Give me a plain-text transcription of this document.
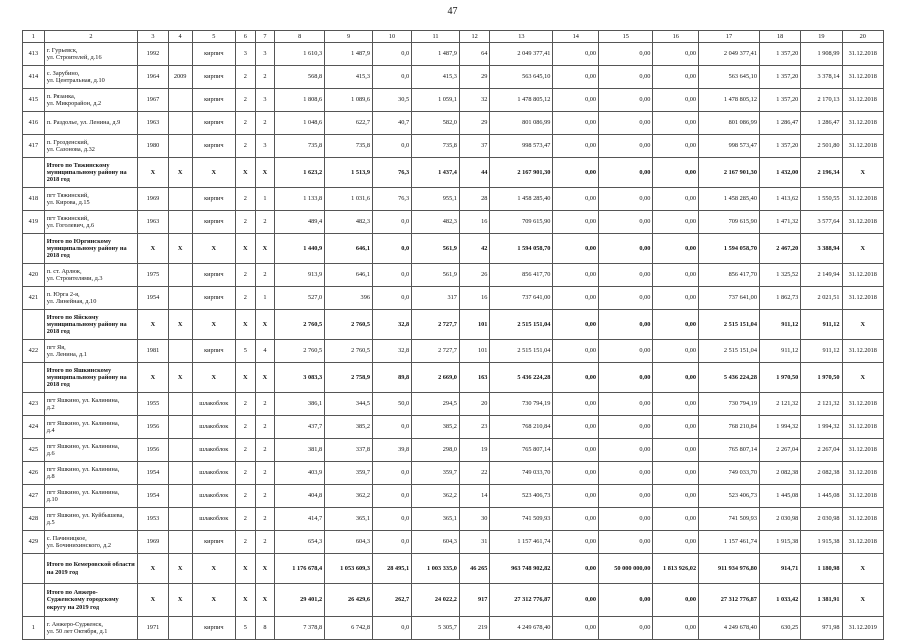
47
1	2	3	4	5	6	7	8	9	10	11	12	13	14	15	16	17	18	19	20
413	г. Гурьевск,
ул. Строителей, д.16	1992		кирпич	3	3	1 610,3	1 487,9	0,0	1 487,9	64	2 049 377,41	0,00	0,00	0,00	2 049 377,41	1 357,20	1 908,99	31.12.2018
414	с. Зарубино,
ул. Центральная, д.10	1964	2009	кирпич	2	2	568,8	415,3	0,0	415,3	29	563 645,10	0,00	0,00	0,00	563 645,10	1 357,20	3 378,14	31.12.2018
415	п. Рязанка,
ул. Микрорайон, д.2	1967		кирпич	2	3	1 808,6	1 089,6	30,5	1 059,1	32	1 478 805,12	0,00	0,00	0,00	1 478 805,12	1 357,20	2 170,13	31.12.2018
416	п. Раздолье, ул. Ленина, д.9	1963		кирпич	2	2	1 048,6	622,7	40,7	582,0	29	801 086,99	0,00	0,00	0,00	801 086,99	1 286,47	1 286,47	31.12.2018
417	п. Грозденский,
ул. Сазонова, д.32	1980		кирпич	2	3	735,8	735,8	0,0	735,8	37	998 573,47	0,00	0,00	0,00	998 573,47	1 357,20	2 501,80	31.12.2018
	Итого по Тяжинскому муниципальному району на 2018 год	X	X	X	X	X	1 623,2	1 513,9	76,3	1 437,4	44	2 167 901,30	0,00	0,00	0,00	2 167 901,30	1 432,00	2 196,34	X
418	пгт Тяжинский,
ул. Кирова, д.15	1969		кирпич	2	1	1 133,8	1 031,6	76,3	955,1	28	1 458 285,40	0,00	0,00	0,00	1 458 285,40	1 413,62	1 550,55	31.12.2018
419	пгт Тяжинский,
ул. Гоголевич, д.6	1963		кирпич	2	2	489,4	482,3	0,0	482,3	16	709 615,90	0,00	0,00	0,00	709 615,90	1 471,32	3 577,64	31.12.2018
	Итого по Юргинскому муниципальному району на 2018 год	X	X	X	X	X	1 440,9	646,1	0,0	561,9	42	1 594 058,70	0,00	0,00	0,00	1 594 058,70	2 467,20	3 388,94	X
420	п. ст. Арлюк,
ул. Строителями, д.3	1975		кирпич	2	2	913,9	646,1	0,0	561,9	26	856 417,70	0,00	0,00	0,00	856 417,70	1 325,52	2 149,94	31.12.2018
421	п. Юрга 2-я,
ул. Линейная, д.10	1954		кирпич	2	1	527,0	396	0,0	317	16	737 641,00	0,00	0,00	0,00	737 641,00	1 862,73	2 021,51	31.12.2018
	Итого по Яйскому муниципальному району на 2018 год	X	X	X	X	X	2 760,5	2 760,5	32,8	2 727,7	101	2 515 151,04	0,00	0,00	0,00	2 515 151,04	911,12	911,12	X
422	пгт Яя,
ул. Ленина, д.1	1981		кирпич	5	4	2 760,5	2 760,5	32,8	2 727,7	101	2 515 151,04	0,00	0,00	0,00	2 515 151,04	911,12	911,12	31.12.2018
	Итого по Яшкинскому муниципальному району на 2018 год	X	X	X	X	X	3 083,3	2 758,9	89,8	2 669,0	163	5 436 224,28	0,00	0,00	0,00	5 436 224,28	1 970,50	1 970,50	X
423	пгт Яшкино, ул. Калинина,
д.2	1955		шлакоблок	2	2	386,1	344,5	50,0	294,5	20	730 794,19	0,00	0,00	0,00	730 794,19	2 121,32	2 121,32	31.12.2018
424	пгт Яшкино, ул. Калинина,
д.4	1956		шлакоблок	2	2	437,7	385,2	0,0	385,2	23	768 210,84	0,00	0,00	0,00	768 210,84	1 994,32	1 994,32	31.12.2018
425	пгт Яшкино, ул. Калинина,
д.6	1956		шлакоблок	2	2	381,8	337,8	39,8	298,0	19	765 807,14	0,00	0,00	0,00	765 807,14	2 267,04	2 267,04	31.12.2018
426	пгт Яшкино, ул. Калинина,
д.8	1954		шлакоблок	2	2	403,9	359,7	0,0	359,7	22	749 033,70	0,00	0,00	0,00	749 033,70	2 082,38	2 082,38	31.12.2018
427	пгт Яшкино, ул. Калинина,
д.10	1954		шлакоблок	2	2	404,8	362,2	0,0	362,2	14	523 406,73	0,00	0,00	0,00	523 406,73	1 445,08	1 445,08	31.12.2018
428	пгт Яшкино, ул. Куйбышева,
д.5	1953		шлакоблок	2	2	414,7	365,1	0,0	365,1	30	741 509,93	0,00	0,00	0,00	741 509,93	2 030,98	2 030,98	31.12.2018
429	с. Пачиницкое,
ул. Бочинихинского, д.2	1969		кирпич	2	2	654,3	604,3	0,0	604,3	31	1 157 461,74	0,00	0,00	0,00	1 157 461,74	1 915,38	1 915,38	31.12.2018
	Итого по Кемеровской области на 2019 год	X	X	X	X	X	1 176 678,4	1 053 609,3	28 495,1	1 003 335,0	46 265	963 748 902,82	0,00	50 000 000,00	1 813 926,02	911 934 976,80	914,71	1 180,98	X
	Итого по Анжеро-Судженскому городскому округу на 2019 год	X	X	X	X	X	29 401,2	26 429,6	262,7	24 022,2	917	27 312 776,87	0,00	0,00	0,00	27 312 776,87	1 033,42	1 381,91	X
1	г. Анжеро-Судженск,
ул. 50 лет Октября, д.1	1971		кирпич	5	8	7 378,8	6 742,8	0,0	5 305,7	219	4 249 678,40	0,00	0,00	0,00	4 249 678,40	630,25	971,98	31.12.2019
